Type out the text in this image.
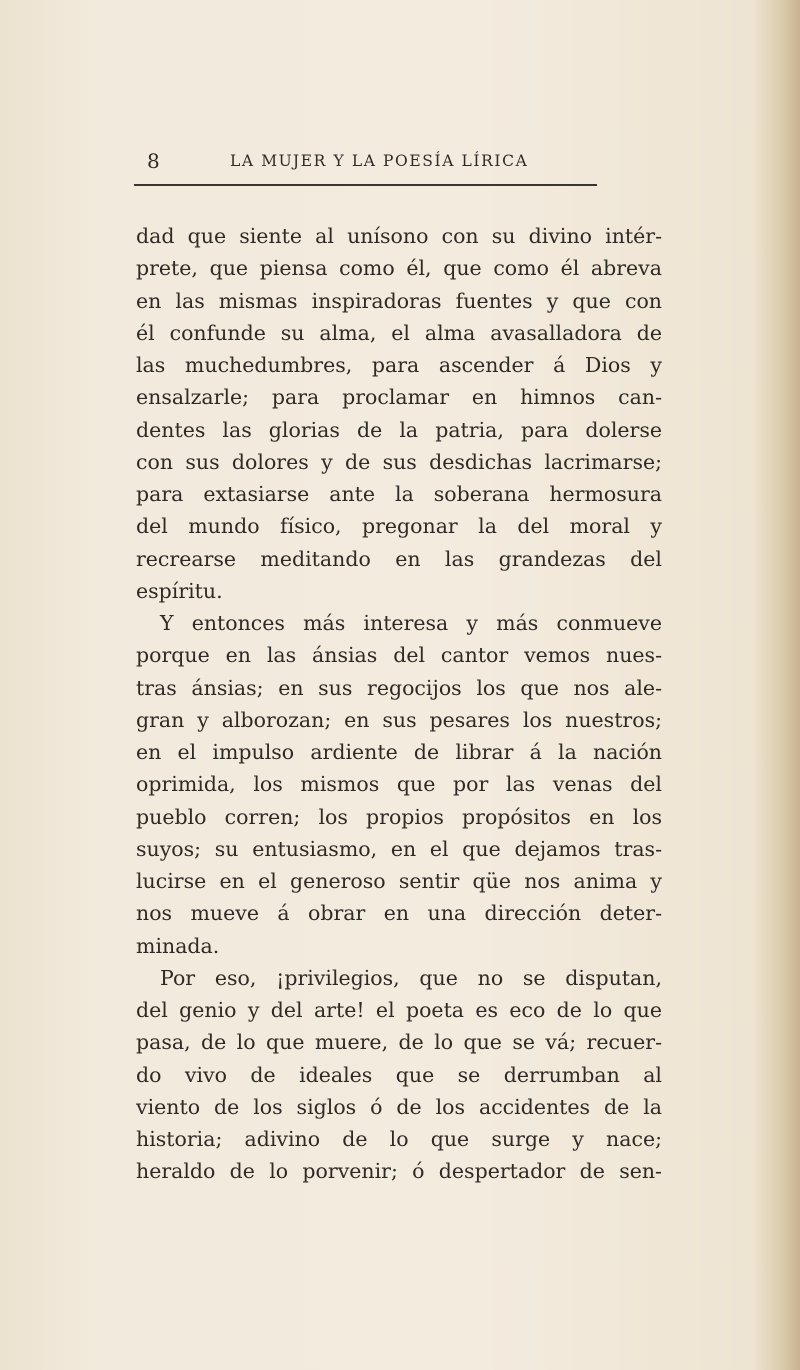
8	LA MUJER Y LA POESÍA LÍRICA
dad que siente al unísono con su divino intér-
prete, que piensa como él, que como él abreva
en las mismas inspiradoras fuentes y que con
él confunde su alma, el alma avasalladora de
las muchedumbres, para ascender á Dios y
ensalzarle; para proclamar en himnos can-
dentes las glorias de la patria, para dolerse
con sus dolores y de sus desdichas lacrimarse;
para extasiarse ante la soberana hermosura
del mundo físico, pregonar la del moral y
recrearse meditando en las grandezas del
espíritu.
Y entonces más interesa y más conmueve
porque en las ánsias del cantor vemos nues-
tras ánsias; en sus regocijos los que nos ale-
gran y alborozan; en sus pesares los nuestros;
en el impulso ardiente de librar á la nación
oprimida, los mismos que por las venas del
pueblo corren; los propios propósitos en los
suyos; su entusiasmo, en el que dejamos tras-
lucirse en el generoso sentir qüe nos anima y
nos mueve á obrar en una dirección deter-
minada.
Por eso, ¡privilegios, que no se disputan,
del genio y del arte! el poeta es eco de lo que
pasa, de lo que muere, de lo que se vá; recuer-
do vivo de ideales que se derrumban al
viento de los siglos ó de los accidentes de la
historia; adivino de lo que surge y nace;
heraldo de lo porvenir; ó despertador de sen-
